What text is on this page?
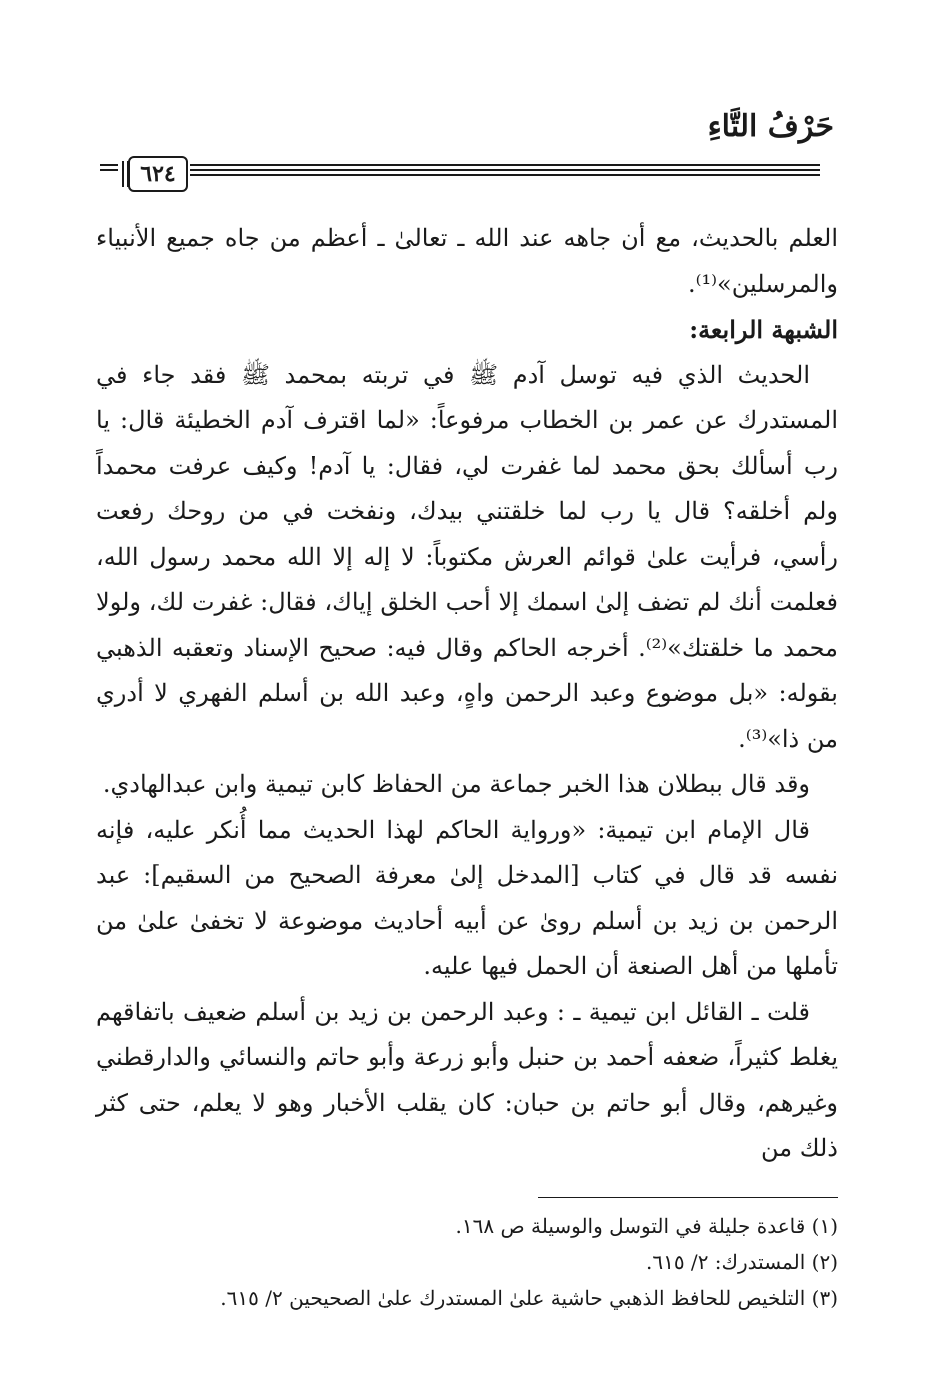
حَرْفُ التَّاءِ
٦٢٤

العلم بالحديث، مع أن جاهه عند الله ـ تعالىٰ ـ أعظم من جاه جميع الأنبياء والمرسلين»⁽¹⁾.

الشبهة الرابعة:

الحديث الذي فيه توسل آدم ﷺ في تربته بمحمد ﷺ فقد جاء في المستدرك عن عمر بن الخطاب مرفوعاً: «لما اقترف آدم الخطيئة قال: يا رب أسألك بحق محمد لما غفرت لي، فقال: يا آدم! وكيف عرفت محمداً ولم أخلقه؟ قال يا رب لما خلقتني بيدك، ونفخت في من روحك رفعت رأسي، فرأيت علىٰ قوائم العرش مكتوباً: لا إله إلا الله محمد رسول الله، فعلمت أنك لم تضف إلىٰ اسمك إلا أحب الخلق إياك، فقال: غفرت لك، ولولا محمد ما خلقتك»⁽²⁾. أخرجه الحاكم وقال فيه: صحيح الإسناد وتعقبه الذهبي بقوله: «بل موضوع وعبد الرحمن واهٍ، وعبد الله بن أسلم الفهري لا أدري من ذا»⁽³⁾.

وقد قال ببطلان هذا الخبر جماعة من الحفاظ كابن تيمية وابن عبدالهادي.

قال الإمام ابن تيمية: «ورواية الحاكم لهذا الحديث مما أُنكر عليه، فإنه نفسه قد قال في كتاب [المدخل إلىٰ معرفة الصحيح من السقيم]: عبد الرحمن بن زيد بن أسلم روىٰ عن أبيه أحاديث موضوعة لا تخفىٰ علىٰ من تأملها من أهل الصنعة أن الحمل فيها عليه.

قلت ـ القائل ابن تيمية ـ : وعبد الرحمن بن زيد بن أسلم ضعيف باتفاقهم يغلط كثيراً، ضعفه أحمد بن حنبل وأبو زرعة وأبو حاتم والنسائي والدارقطني وغيرهم، وقال أبو حاتم بن حبان: كان يقلب الأخبار وهو لا يعلم، حتى كثر ذلك من

(١) قاعدة جليلة في التوسل والوسيلة ص ١٦٨.

(٢) المستدرك: ٢/ ٦١٥.

(٣) التلخيص للحافظ الذهبي حاشية علىٰ المستدرك علىٰ الصحيحين ٢/ ٦١٥.
